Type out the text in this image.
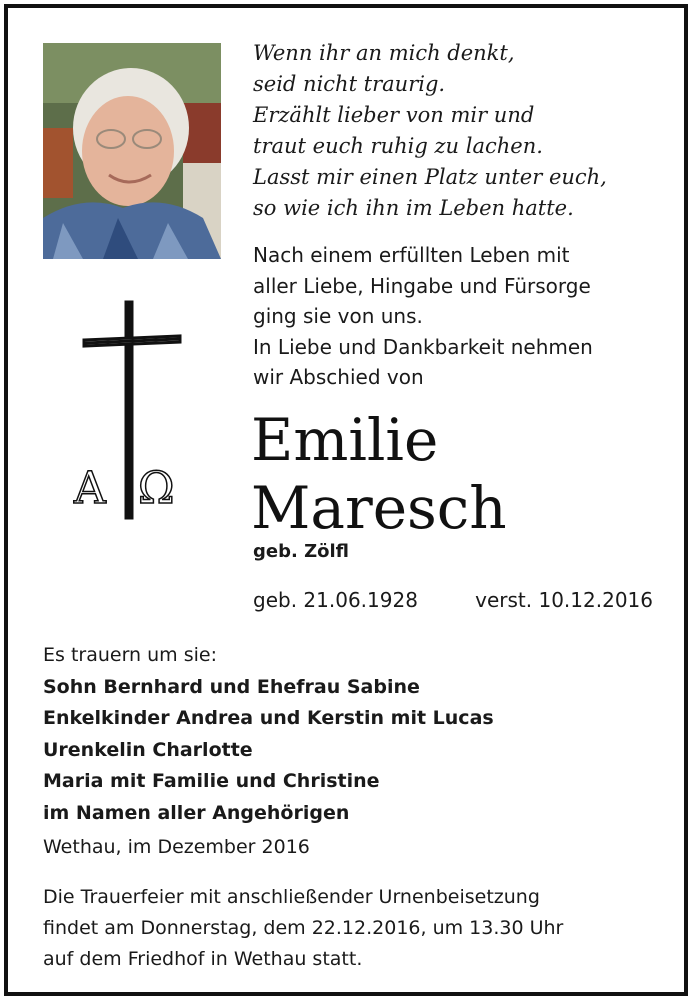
Wenn ihr an mich denkt,
seid nicht traurig.
Erzählt lieber von mir und
traut euch ruhig zu lachen.
Lasst mir einen Platz unter euch,
so wie ich ihn im Leben hatte.
Nach einem erfüllten Leben mit
aller Liebe, Hingabe und Fürsorge
ging sie von uns.
In Liebe und Dankbarkeit nehmen
wir Abschied von
A Ω
Emilie
Maresch
geb. Zölfl
geb. 21.06.1928	verst. 10.12.2016
Es trauern um sie:
Sohn Bernhard und Ehefrau Sabine
Enkelkinder Andrea und Kerstin mit Lucas
Urenkelin Charlotte
Maria mit Familie und Christine
im Namen aller Angehörigen
Wethau, im Dezember 2016
Die Trauerfeier mit anschließender Urnenbeisetzung
findet am Donnerstag, dem 22.12.2016, um 13.30 Uhr
auf dem Friedhof in Wethau statt.
